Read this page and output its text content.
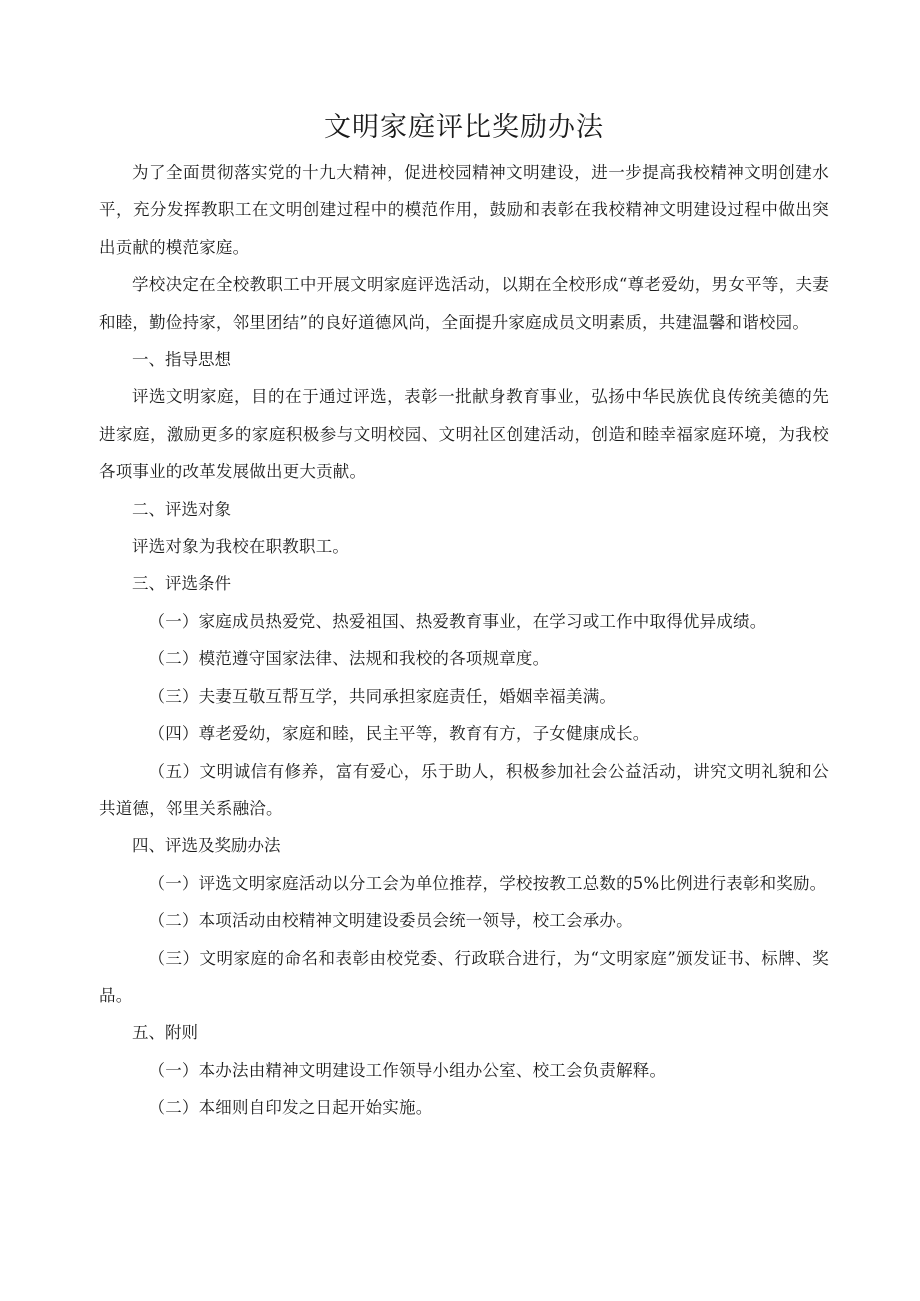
文明家庭评比奖励办法

为了全面贯彻落实党的十九大精神，促进校园精神文明建设，进一步提高我校精神文明创建水平，充分发挥教职工在文明创建过程中的模范作用，鼓励和表彰在我校精神文明建设过程中做出突出贡献的模范家庭。

学校决定在全校教职工中开展文明家庭评选活动，以期在全校形成“尊老爱幼，男女平等，夫妻和睦，勤俭持家，邻里团结”的良好道德风尚，全面提升家庭成员文明素质，共建温馨和谐校园。

一、指导思想

评选文明家庭，目的在于通过评选，表彰一批献身教育事业，弘扬中华民族优良传统美德的先进家庭，激励更多的家庭积极参与文明校园、文明社区创建活动，创造和睦幸福家庭环境，为我校各项事业的改革发展做出更大贡献。

二、评选对象

评选对象为我校在职教职工。

三、评选条件

（一）家庭成员热爱党、热爱祖国、热爱教育事业，在学习或工作中取得优异成绩。

（二）模范遵守国家法律、法规和我校的各项规章度。

（三）夫妻互敬互帮互学，共同承担家庭责任，婚姻幸福美满。

（四）尊老爱幼，家庭和睦，民主平等，教育有方，子女健康成长。

（五）文明诚信有修养，富有爱心，乐于助人，积极参加社会公益活动，讲究文明礼貌和公共道德，邻里关系融洽。

四、评选及奖励办法

（一）评选文明家庭活动以分工会为单位推荐，学校按教工总数的5%比例进行表彰和奖励。

（二）本项活动由校精神文明建设委员会统一领导，校工会承办。

（三）文明家庭的命名和表彰由校党委、行政联合进行，为“文明家庭”颁发证书、标牌、奖品。

五、附则

（一）本办法由精神文明建设工作领导小组办公室、校工会负责解释。

（二）本细则自印发之日起开始实施。
